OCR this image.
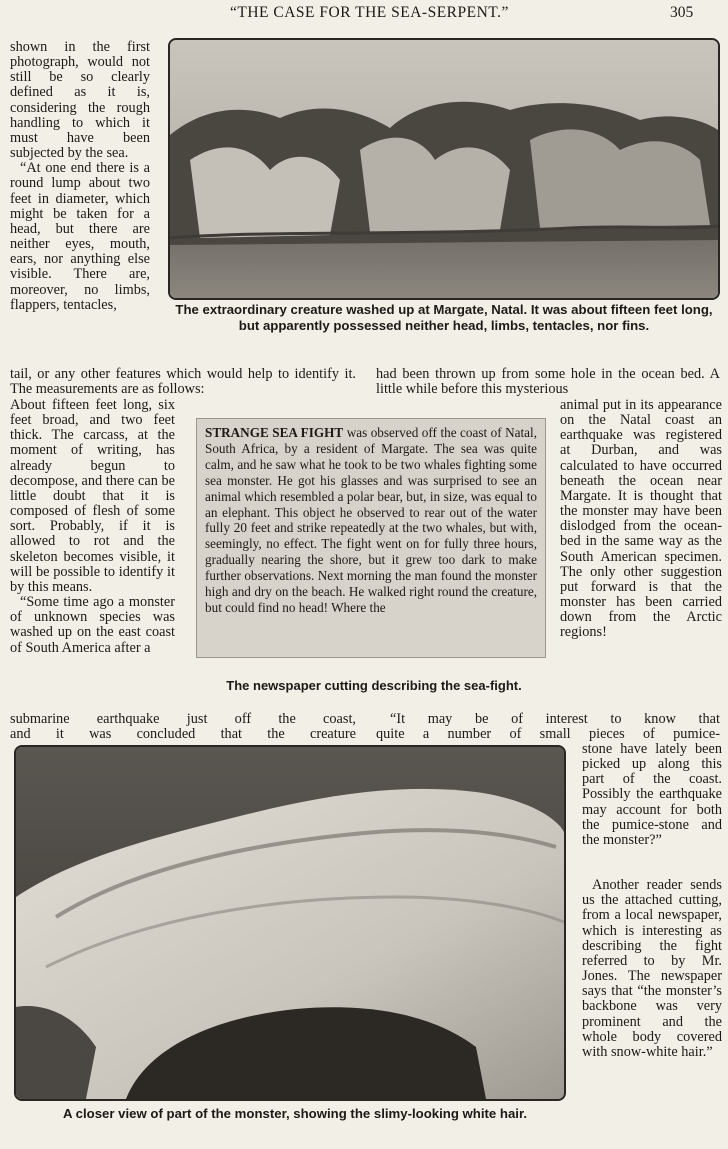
“THE CASE FOR THE SEA-SERPENT.”	305

shown in the first photograph, would not still be so clearly defined as it is, considering the rough handling to which it must have been subjected by the sea.

“At one end there is a round lump about two feet in diameter, which might be taken for a head, but there are neither eyes, mouth, ears, nor anything else visible. There are, moreover, no limbs, flappers, tentacles,	The extraordinary creature washed up at Margate, Natal. It was about fifteen feet long, but apparently possessed neither head, limbs, tentacles, nor fins.
tail, or any other features which would help to identify it. The measurements are as follows:
had been thrown up from some hole in the ocean bed. A little while before this mysterious

About fifteen feet long, six feet broad, and two feet thick. The carcass, at the moment of writing, has already begun to decompose, and there can be little doubt that it is composed of flesh of some sort. Probably, if it is allowed to rot and the skeleton becomes visible, it will be possible to identify it by this means.

“Some time ago a monster of unknown species was washed up on the east coast of South America after a

STRANGE SEA FIGHT was observed off the coast of Natal, South Africa, by a resident of Margate. The sea was quite calm, and he saw what he took to be two whales fighting some sea monster. He got his glasses and was surprised to see an animal which resembled a polar bear, but, in size, was equal to an elephant. This object he observed to rear out of the water fully 20 feet and strike repeatedly at the two whales, but with, seemingly, no effect. The fight went on for fully three hours, gradually nearing the shore, but it grew too dark to make further observations. Next morning the man found the monster high and dry on the beach. He walked right round the creature, but could find no head! Where the
The newspaper cutting describing the sea-fight.

animal put in its appearance on the Natal coast an earthquake was registered at Durban, and was calculated to have occurred beneath the ocean near Margate. It is thought that the monster may have been dislodged from the ocean-bed in the same way as the South American specimen. The only other suggestion put forward is that the monster has been carried down from the Arctic regions!

submarine earthquake just off the coast,
and it was concluded that the creature
“It may be of interest to know that
quite a number of small pieces of pumice-
A closer view of part of the monster, showing the slimy-looking white hair.

stone have lately been picked up along this part of the coast. Possibly the earthquake may account for both the pumice-stone and the monster?”

Another reader sends us the attached cutting, from a local newspaper, which is interesting as describing the fight referred to by Mr. Jones. The newspaper says that “the monster’s backbone was very prominent and the whole body covered with snow-white hair.”
